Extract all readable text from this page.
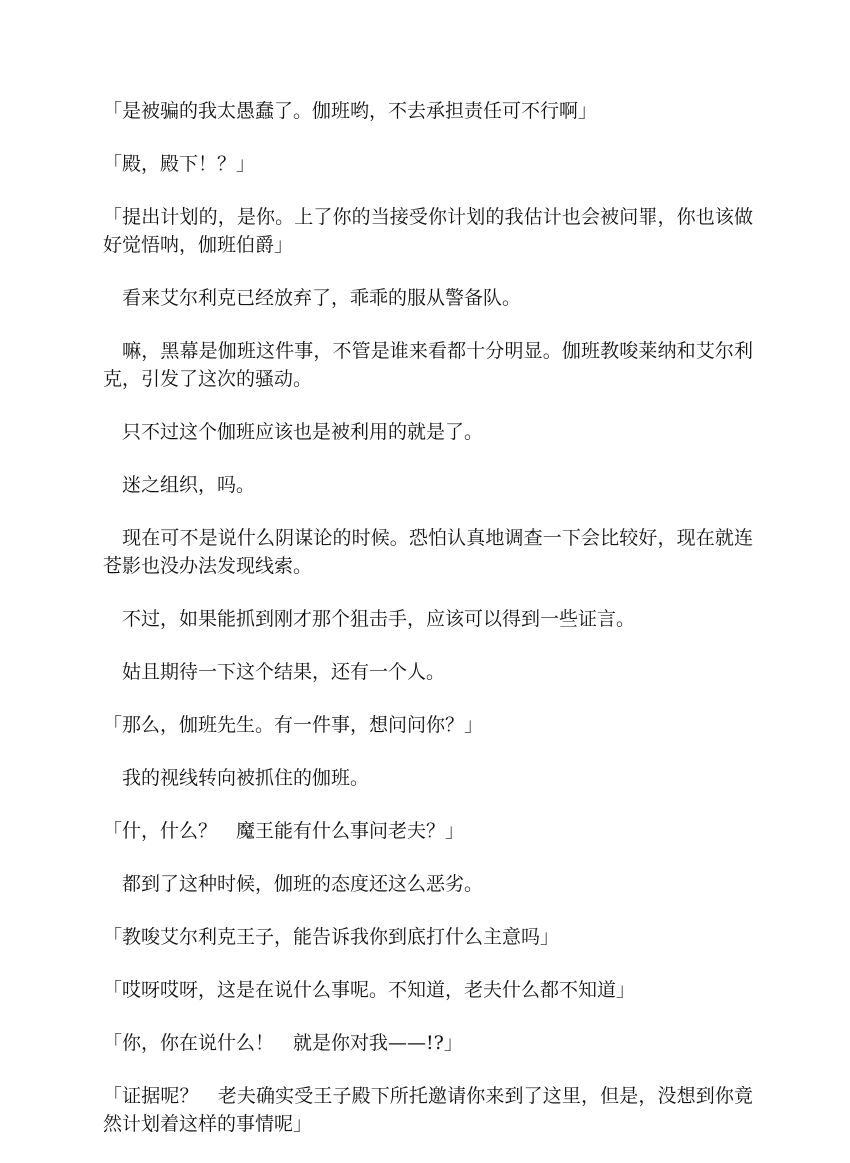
「是被骗的我太愚蠢了。伽班哟，不去承担责任可不行啊」

「殿，殿下！？」

「提出计划的，是你。上了你的当接受你计划的我估计也会被问罪，你也该做好觉悟呐，伽班伯爵」

　看来艾尔利克已经放弃了，乖乖的服从警备队。

　嘛，黑幕是伽班这件事，不管是谁来看都十分明显。伽班教唆莱纳和艾尔利克，引发了这次的骚动。

　只不过这个伽班应该也是被利用的就是了。

　迷之组织，吗。

　现在可不是说什么阴谋论的时候。恐怕认真地调查一下会比较好，现在就连苍影也没办法发现线索。

　不过，如果能抓到刚才那个狙击手，应该可以得到一些证言。

　姑且期待一下这个结果，还有一个人。

「那么，伽班先生。有一件事，想问问你？」

　我的视线转向被抓住的伽班。

「什，什么？　魔王能有什么事问老夫？」

　都到了这种时候，伽班的态度还这么恶劣。

「教唆艾尔利克王子，能告诉我你到底打什么主意吗」

「哎呀哎呀，这是在说什么事呢。不知道，老夫什么都不知道」

「你，你在说什么！　就是你对我——!?」

「证据呢？　老夫确实受王子殿下所托邀请你来到了这里，但是，没想到你竟然计划着这样的事情呢」
